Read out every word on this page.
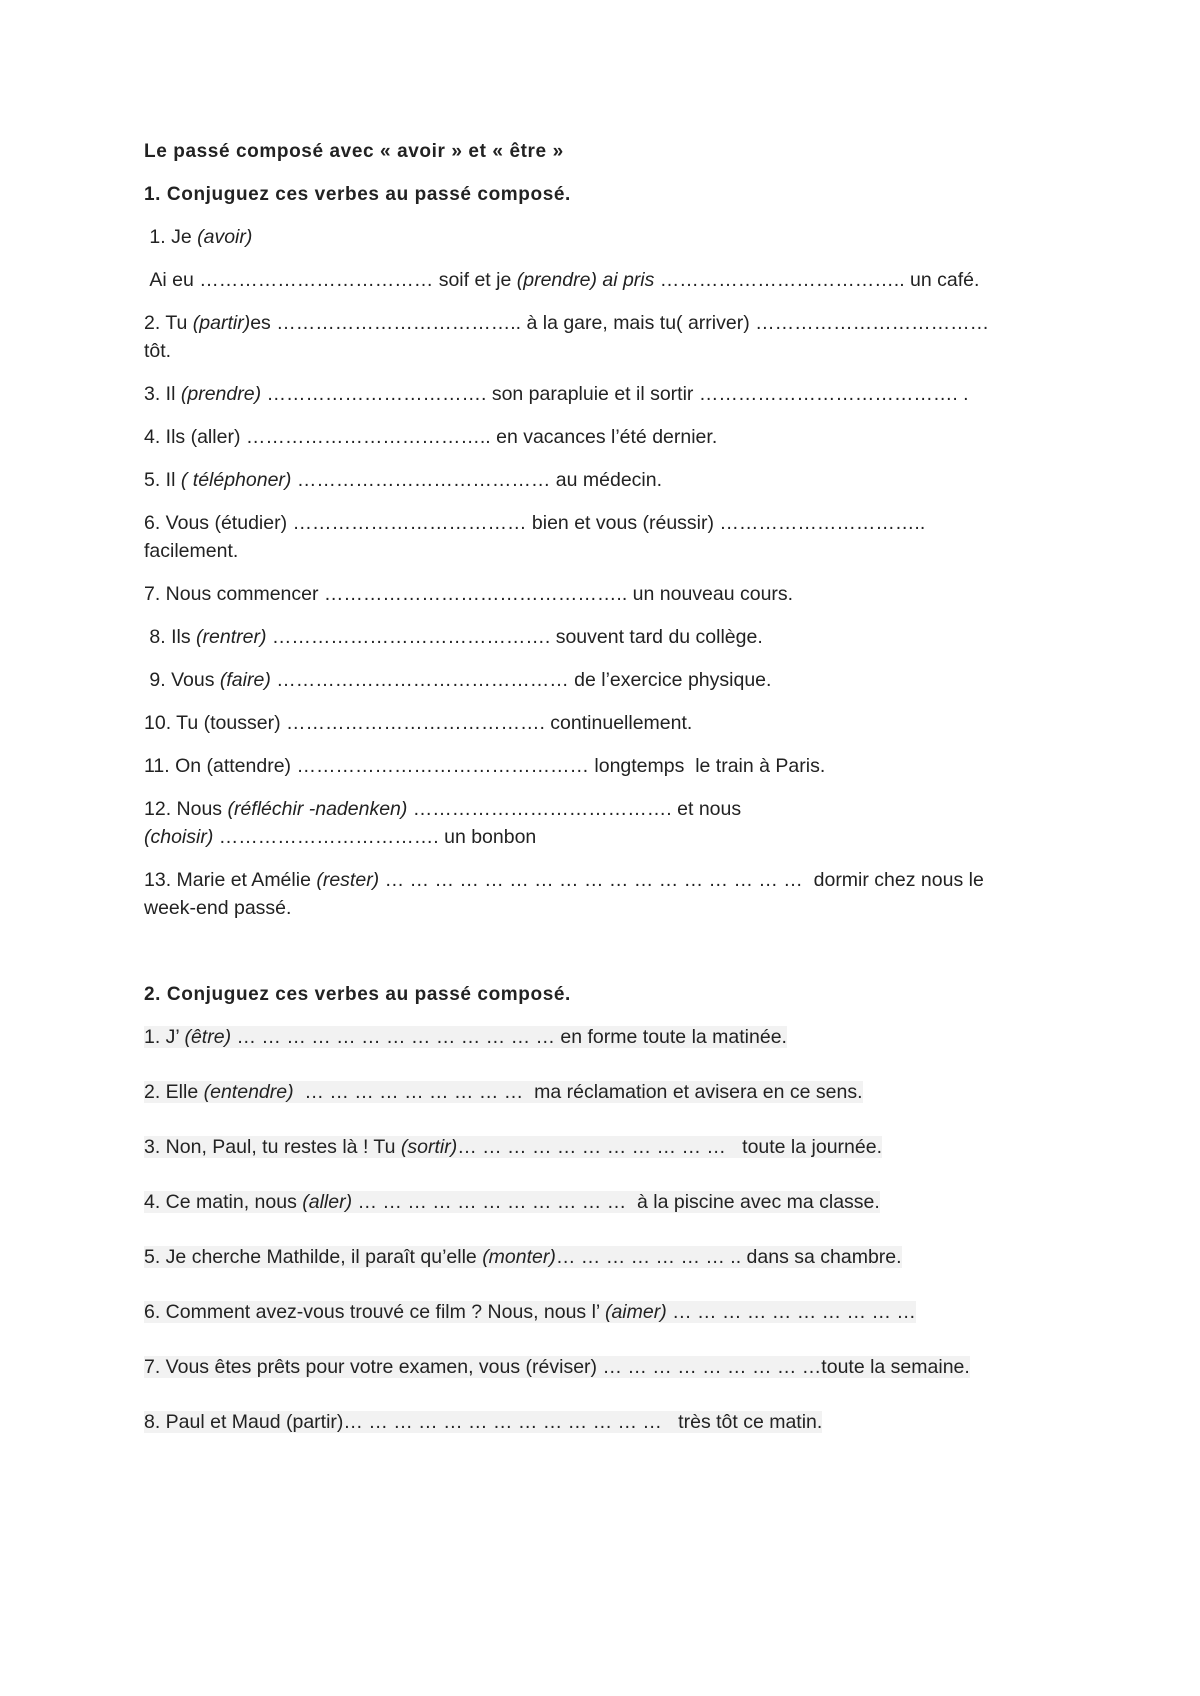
Le passé composé avec « avoir » et « être »
1. Conjuguez ces verbes au passé composé.
1. Je (avoir)
Ai eu ……………………………… soif et je (prendre) ai pris ……………………………….. un café.
2. Tu (partir)es ……………………………….. à la gare, mais tu( arriver) ………………………………
tôt.
3. Il (prendre) ……………………………. son parapluie et il sortir …………………………………. .
4. Ils (aller) ……………………………….. en vacances l’été dernier.
5. Il ( téléphoner) ………………………………… au médecin.
6. Vous (étudier) ……………………………… bien et vous (réussir) …………………………..
facilement.
7. Nous commencer ……………………………………….. un nouveau cours.
8. Ils (rentrer) ……………………………………. souvent tard du collège.
9. Vous (faire) ……………………………………… de l’exercice physique.
10. Tu (tousser) …………………………………. continuellement.
11. On (attendre) ……………………………………… longtemps  le train à Paris.
12. Nous (réfléchir -nadenken) …………………………………. et nous
(choisir) ……………………………. un bonbon
13. Marie et Amélie (rester) … … … … … … … … … … … … … … … … …  dormir chez nous le
week-end passé.
2. Conjuguez ces verbes au passé composé.
1. J’ (être) … … … … … … … … … … … … … en forme toute la matinée.
2. Elle (entendre)  … … … … … … … … …  ma réclamation et avisera en ce sens.
3. Non, Paul, tu restes là ! Tu (sortir)… … … … … … … … … … …   toute la journée.
4. Ce matin, nous (aller) … … … … … … … … … … …  à la piscine avec ma classe.
5. Je cherche Mathilde, il paraît qu’elle (monter)… … … … … … … .. dans sa chambre.
6. Comment avez-vous trouvé ce film ? Nous, nous l’ (aimer) … … … … … … … … … …
7. Vous êtes prêts pour votre examen, vous (réviser) … … … … … … … … …toute la semaine.
8. Paul et Maud (partir)… … … … … … … … … … … … …   très tôt ce matin.
